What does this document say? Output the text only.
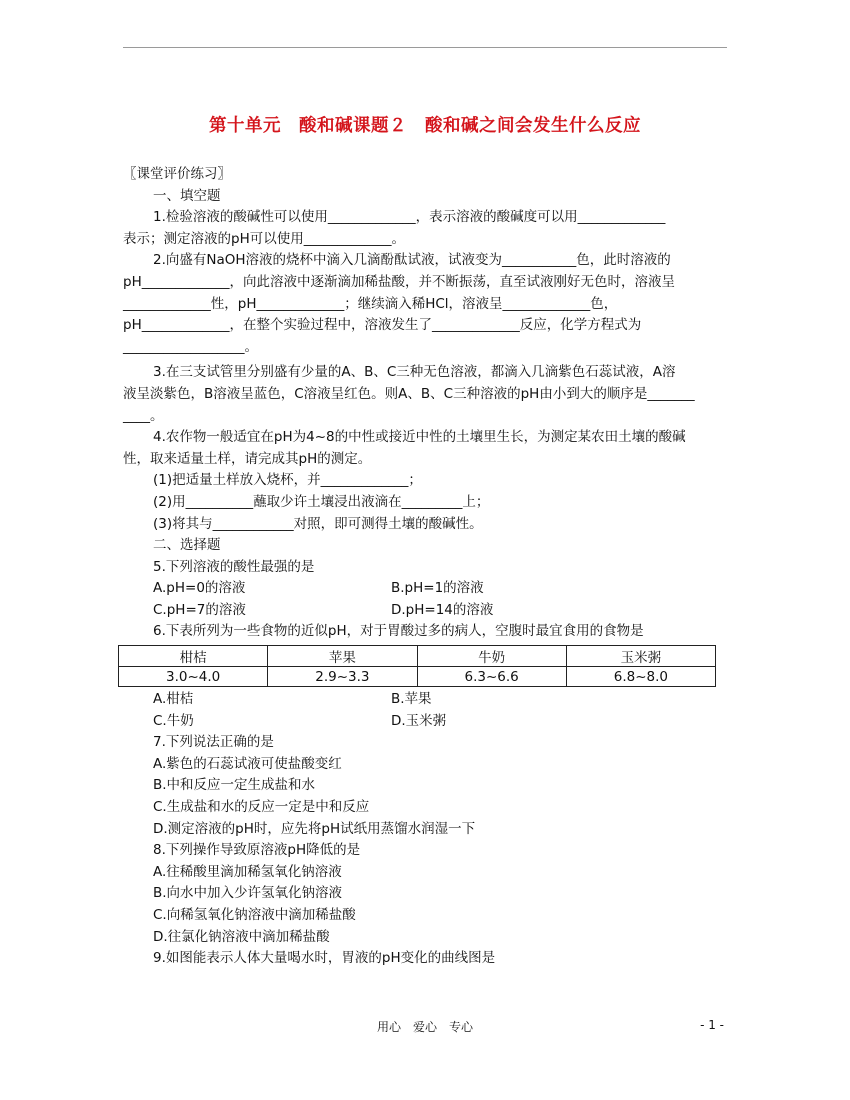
第十单元　酸和碱课题２　酸和碱之间会发生什么反应
〖课堂评价练习〗
一、填空题
1.检验溶液的酸碱性可以使用_____________，表示溶液的酸碱度可以用_____________
表示；测定溶液的pH可以使用_____________。
2.向盛有NaOH溶液的烧杯中滴入几滴酚酞试液，试液变为___________色，此时溶液的
pH_____________，向此溶液中逐渐滴加稀盐酸，并不断振荡，直至试液刚好无色时，溶液呈
_____________性，pH_____________；继续滴入稀HCl，溶液呈_____________色，
pH_____________，在整个实验过程中，溶液发生了_____________反应，化学方程式为
__________________。
3.在三支试管里分别盛有少量的A、B、C三种无色溶液，都滴入几滴紫色石蕊试液，A溶
液呈淡紫色，B溶液呈蓝色，C溶液呈红色。则A、B、C三种溶液的pH由小到大的顺序是_______
____。
4.农作物一般适宜在pH为4~8的中性或接近中性的土壤里生长，为测定某农田土壤的酸碱
性，取来适量土样，请完成其pH的测定。
(1)把适量土样放入烧杯，并_____________；
(2)用__________蘸取少许土壤浸出液滴在_________上；
(3)将其与____________对照，即可测得土壤的酸碱性。
二、选择题
5.下列溶液的酸性最强的是
A.pH=0的溶液	B.pH=1的溶液
C.pH=7的溶液	D.pH=14的溶液
6.下表所列为一些食物的近似pH，对于胃酸过多的病人，空腹时最宜食用的食物是
柑桔	苹果	牛奶	玉米粥
3.0~4.0	2.9~3.3	6.3~6.6	6.8~8.0
A.柑桔	B.苹果
C.牛奶	D.玉米粥
7.下列说法正确的是
A.紫色的石蕊试液可使盐酸变红
B.中和反应一定生成盐和水
C.生成盐和水的反应一定是中和反应
D.测定溶液的pH时，应先将pH试纸用蒸馏水润湿一下
8.下列操作导致原溶液pH降低的是
A.往稀酸里滴加稀氢氧化钠溶液
B.向水中加入少许氢氧化钠溶液
C.向稀氢氧化钠溶液中滴加稀盐酸
D.往氯化钠溶液中滴加稀盐酸
9.如图能表示人体大量喝水时，胃液的pH变化的曲线图是
用心　爱心　专心	- 1 -
